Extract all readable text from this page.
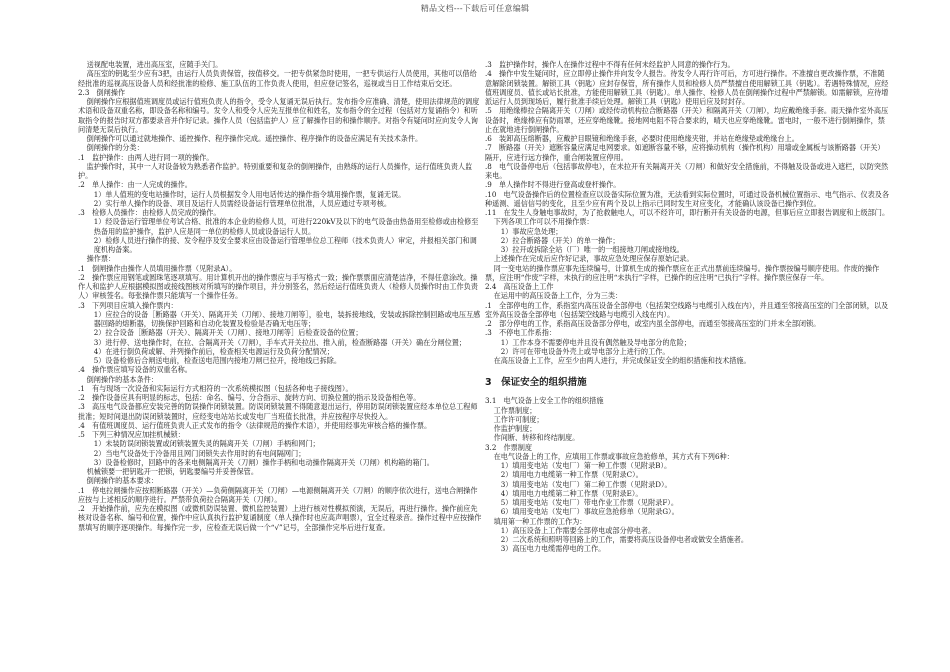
精品文档---下载后可任意编辑

送视配电装置，进出高压室，应随手关门。

高压室的钥匙至少应有3把，由运行人员负责保管，按值移交。一把专供紧急时使用，一把专供运行人员使用，其他可以借给经批准的巡视高压设备人员和经批准的检修、施工队伍的工作负责人使用，但应登记签名，巡视或当日工作结束后交还。

2.3　倒闸操作

倒闸操作应根据值班调度员或运行值班负责人的指令，受令人复诵无误后执行。发布指令应准确、清楚，使用法律规范的调度术语和设备双重名称，即设备名称和编号。发令人和受令人应先互报单位和姓名，发布指令的全过程（包括对方复诵指令）和听取指令的报告时双方都要录音并作好记录。操作人员（包括监护人）应了解操作目的和操作顺序。对指令有疑问时应向发令人询问清楚无误后执行。

倒闸操作可以通过就地操作、遥控操作、程序操作完成。遥控操作、程序操作的设备应满足有关技术条件。

倒闸操作的分类：

.1　监护操作：由两人进行同一项的操作。

监护操作时，其中一人对设备较为熟悉者作监护。特别重要和复杂的倒闸操作，由熟练的运行人员操作，运行值班负责人监护。

.2　单人操作：由一人完成的操作。

1）单人值班的变电站操作时，运行人员根据发令人用电话传达的操作指令填用操作票，复诵无误。

2）实行单人操作的设备、项目及运行人员需经设备运行管理单位批准，人员应通过专项考核。

.3　检修人员操作：由检修人员完成的操作。

1）经设备运行管理单位考试合格、批准的本企业的检修人员，可进行220kV及以下的电气设备由热备用至检修或由检修至热备用的监护操作，监护人应是同一单位的检修人员或设备运行人员。

2）检修人员进行操作的接、发令程序及安全要求应由设备运行管理单位总工程师（技术负责人）审定，并报相关部门和调度机构备案。

操作票：

.1　倒闸操作由操作人员填用操作票（见附录A）。

.2　操作票应用钢笔或圆珠笔逐项填写。用计算机开出的操作票应与手写格式一致；操作票票面应清楚洁净，不得任意涂改。操作人和监护人应根据模拟图或接线图核对所填写的操作项目，并分别签名，然后经运行值班负责人（检修人员操作时由工作负责人）审核签名。每张操作票只能填写一个操作任务。

.3　下列项目应填入操作票内：

1）应拉合的设备［断路器（开关）、隔离开关（刀闸）、接地刀闸等］，验电，装拆接地线，安装或拆除控制回路或电压互感器回路的熔断器，切换保护回路和自动化装置及检验是否确无电压等；

2）拉合设备［断路器（开关）、隔离开关（刀闸）、接地刀闸等］后检查设备的位置；

3）进行停、送电操作时，在拉、合隔离开关（刀闸），手车式开关拉出、推入前，检查断路器（开关）确在分闸位置；

4）在进行倒负荷或解、并列操作前后，检查相关电源运行及负荷分配情况；

5）设备检修后合闸送电前，检查送电范围内接地刀闸已拉开，接地线已拆除。

.4　操作票应填写设备的双重名称。

倒闸操作的基本条件：

.1　有与现场一次设备和实际运行方式相符的一次系统模拟图（包括各种电子接线图）。

.2　操作设备应具有明显的标志，包括：命名、编号、分合指示、旋转方向、切换位置的指示及设备相色等。

.3　高压电气设备都应安装完善的防误操作闭锁装置。防误闭锁装置不得随意退出运行，停用防误闭锁装置应经本单位总工程师批准；短时间退出防误闭锁装置时，应经变电站站长或发电厂当班值长批准，并应按程序尽快投入。

.4　有值班调度员、运行值班负责人正式发布的指令（法律规范的操作术语），并使用经事先审核合格的操作票。

.5　下列三种情况应加挂机械锁：

1）未装防误闭锁装置或闭锁装置失灵的隔离开关（刀闸）手柄和网门；

2）当电气设备处于冷备用且网门闭锁失去作用时的有电间隔网门；

3）设备检修时，回路中的各来电侧隔离开关（刀闸）操作手柄和电动操作隔离开关（刀闸）机构箱的箱门。

机械锁要一把钥匙开一把锁，钥匙要编号并妥善保管。

倒闸操作的基本要求：

.1　停电拉闸操作应按照断路器（开关）—负荷侧隔离开关（刀闸）—电源侧隔离开关（刀闸）的顺序依次进行，送电合闸操作应按与上述相反的顺序进行。严禁带负荷拉合隔离开关（刀闸）。

.2　开始操作前，应先在模拟图（或微机防误装置、微机监控装置）上进行核对性模拟预演，无误后，再进行操作。操作前应先核对设备名称、编号和位置，操作中应认真执行监护复诵制度（单人操作时也应高声唱票），宜全过程录音。操作过程中应按操作票填写的顺序逐项操作。每操作完一步，应检查无误后做一个“√”记号，全部操作完毕后进行复查。

.3　监护操作时，操作人在操作过程中不得有任何未经监护人同意的操作行为。

.4　操作中发生疑问时，应立即停止操作并向发令人报告。待发令人再行许可后，方可进行操作。不准擅自更改操作票，不准随意解除闭锁装置。解锁工具（钥匙）应封存保管，所有操作人员和检修人员严禁擅自使用解锁工具（钥匙）。若遇特殊情况，应经值班调度员、值长或站长批准，方能使用解锁工具（钥匙）。单人操作、检修人员在倒闸操作过程中严禁解锁。如需解锁，应待增派运行人员到现场后，履行批准手续后处理。解锁工具（钥匙）使用后应及时封存。

.5　用绝缘棒拉合隔离开关（刀闸）或经传动机构拉合断路器（开关）和隔离开关（刀闸），均应戴绝缘手套。雨天操作室外高压设备时，绝缘棒应有防雨罩，还应穿绝缘靴。接地网电阻不符合要求的，晴天也应穿绝缘靴。雷电时，一般不进行倒闸操作，禁止在就地进行倒闸操作。

.6　装卸高压熔断器，应戴护目眼镜和绝缘手套，必要时使用绝缘夹钳，并站在绝缘垫或绝缘台上。

.7　断路器（开关）遮断容量应满足电网要求。如遮断容量不够，应将操动机构（操作机构）用墙或金属板与该断路器（开关）隔开，应进行远方操作，重合闸装置应停用。

.8　电气设备停电后（包括事故停电），在未拉开有关隔离开关（刀闸）和做好安全措施前，不得触及设备或进入遮栏，以防突然来电。

.9　单人操作时不得进行登高或登杆操作。

.10　电气设备操作后的位置检查应以设备实际位置为准，无法看到实际位置时，可通过设备机械位置指示、电气指示、仪表及各种遥测、遥信信号的变化，且至少应有两个及以上指示已同时发生对应变化，才能确认该设备已操作到位。

.11　在发生人身触电事故时，为了抢救触电人，可以不经许可，即行断开有关设备的电源，但事后应立即报告调度和上级部门。

下列各项工作可以不用操作票：

1）事故应急处理；

2）拉合断路器（开关）的单一操作；

3）拉开或拆除全站（厂）唯一的一组接地刀闸或接地线。

上述操作在完成后应作好记录，事故应急处理应保存原始记录。

同一变电站的操作票应事先连续编号，计算机生成的操作票应在正式出票前连续编号。操作票按编号顺序使用。作废的操作票，应注明“作废”字样，未执行的应注明“未执行”字样，已操作的应注明“已执行”字样。操作票应保存一年。

2.4　高压设备上工作

在运用中的高压设备上工作，分为三类：

.1　全部停电的工作，系指室内高压设备全部停电（包括架空线路与电缆引入线在内），并且通至邻接高压室的门全部闭锁，以及室外高压设备全部停电（包括架空线路与电缆引入线在内）。

.2　部分停电的工作，系指高压设备部分停电，或室内虽全部停电，而通至邻接高压室的门并未全部闭锁。

.3　不停电工作系指：

1）工作本身不需要停电并且没有偶然触及导电部分的危险；

2）许可在带电设备外壳上或导电部分上进行的工作。

在高压设备上工作，应至少由两人进行，并完成保证安全的组织措施和技术措施。

3　保证安全的组织措施

3.1　电气设备上安全工作的组织措施

工作票制度；

工作许可制度；

作监护制度；

作间断、转移和终结制度。

3.2　作票制度

在电气设备上的工作，应填用工作票或事故应急抢修单，其方式有下列6种：

1）填用变电站（发电厂）第一种工作票（见附录B）。

2）填用电力电缆第一种工作票（见附录C）。

3）填用变电站（发电厂）第二种工作票（见附录D）。

4）填用电力电缆第二种工作票（见附录E）。

5）填用变电站（发电厂）带电作业工作票（见附录F）。

6）填用变电站（发电厂）事故应急抢修单（见附录G）。

填用第一种工作票的工作为：

1）高压设备上工作需要全部停电或部分停电者。

2）二次系统和照明等回路上的工作，需要将高压设备停电者或做安全措施者。

3）高压电力电缆需停电的工作。
